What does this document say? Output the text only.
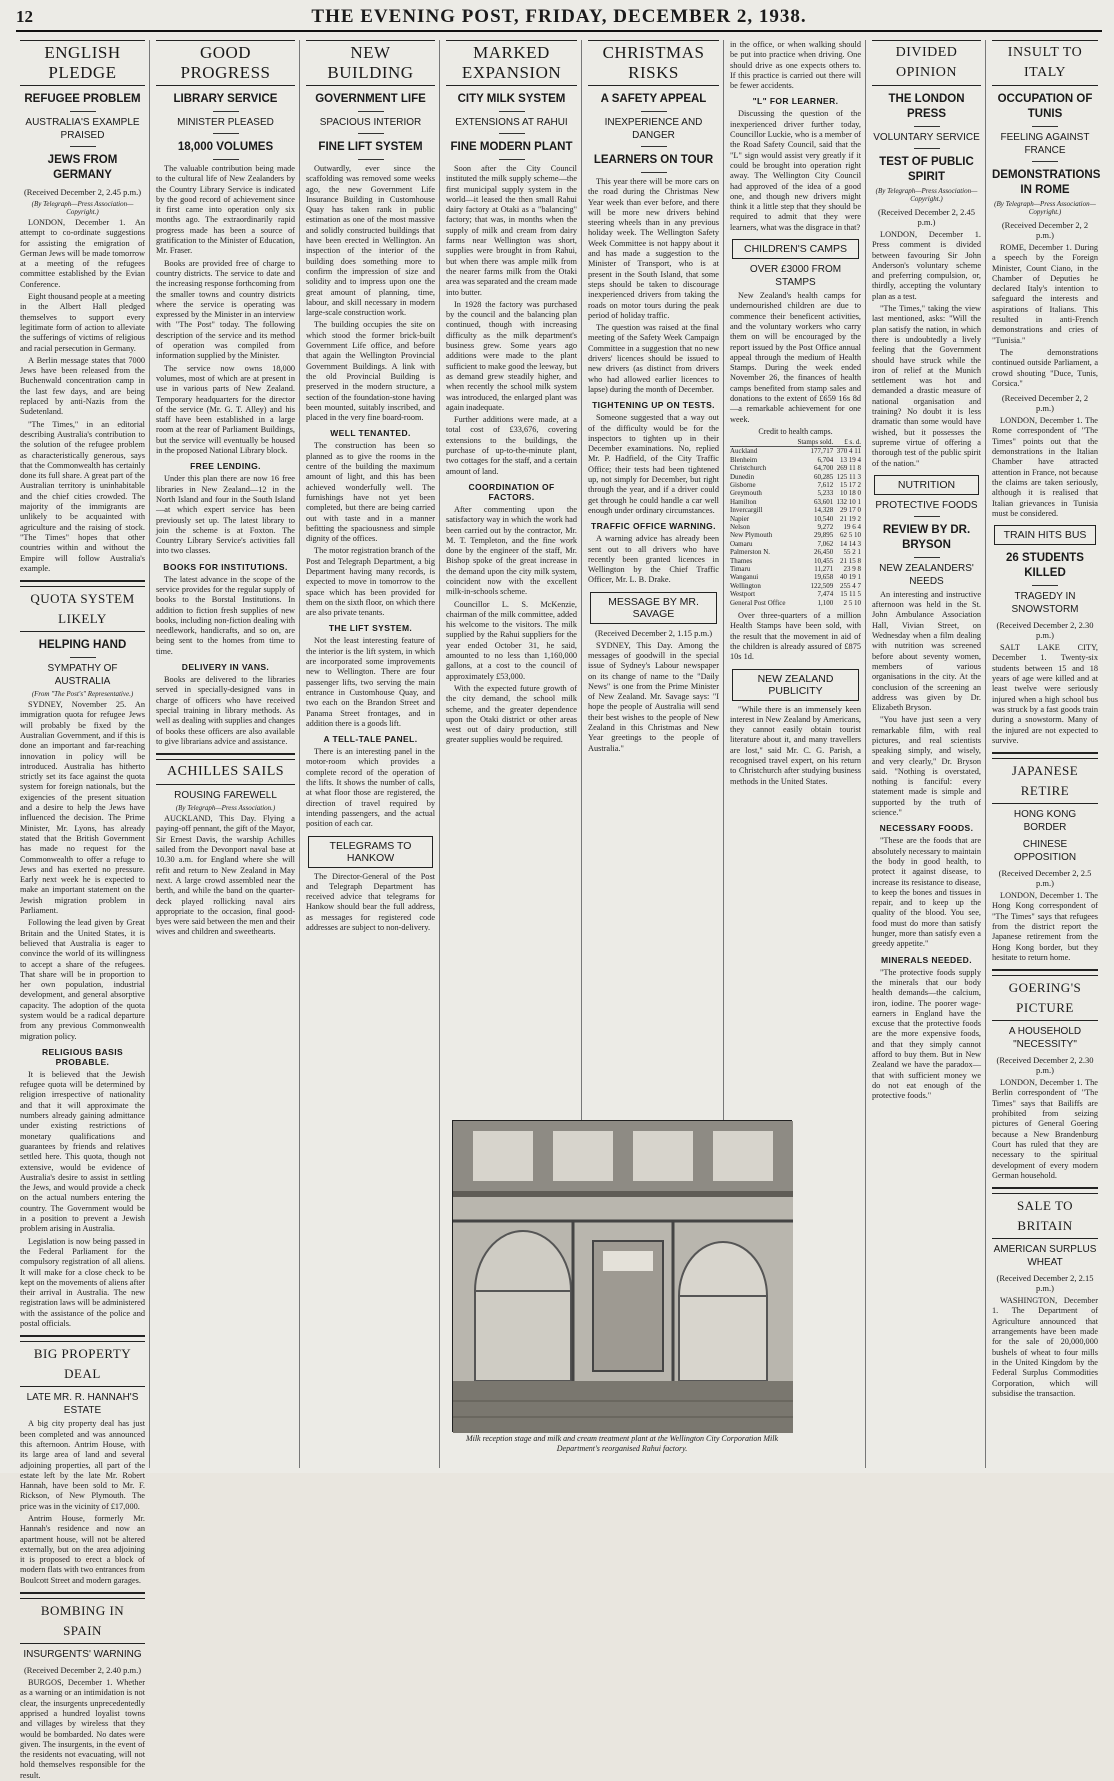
12	THE EVENING POST, FRIDAY, DECEMBER 2, 1938.
ENGLISH PLEDGE
REFUGEE PROBLEM
AUSTRALIA'S EXAMPLE PRAISED
JEWS FROM GERMANY
(Received December 2, 2.45 p.m.)
(By Telegraph—Press Association—Copyright.)

LONDON, December 1. An attempt to co-ordinate suggestions for assisting the emigration of German Jews will be made tomorrow at a meeting of the refugees committee established by the Evian Conference.

Eight thousand people at a meeting in the Albert Hall pledged themselves to support every legitimate form of action to alleviate the sufferings of victims of religious and racial persecution in Germany.

A Berlin message states that 7000 Jews have been released from the Buchenwald concentration camp in the last few days, and are being replaced by anti-Nazis from the Sudetenland.

"The Times," in an editorial describing Australia's contribution to the solution of the refugee problem as characteristically generous, says that the Commonwealth has certainly done its full share. A great part of the Australian territory is uninhabitable and the chief cities crowded. The majority of the immigrants are unlikely to be acquainted with agriculture and the raising of stock. "The Times" hopes that other countries within and without the Empire will follow Australia's example.

QUOTA SYSTEM LIKELY
HELPING HAND
SYMPATHY OF AUSTRALIA
(From "The Post's" Representative.)

SYDNEY, November 25. An immigration quota for refugee Jews will probably be fixed by the Australian Government, and if this is done an important and far-reaching innovation in policy will be introduced. Australia has hitherto strictly set its face against the quota system for foreign nationals, but the exigencies of the present situation and a desire to help the Jews have influenced the decision. The Prime Minister, Mr. Lyons, has already stated that the British Government has made no request for the Commonwealth to offer a refuge to Jews and has exerted no pressure. Early next week he is expected to make an important statement on the Jewish migration problem in Parliament.

Following the lead given by Great Britain and the United States, it is believed that Australia is eager to convince the world of its willingness to accept a share of the refugees. That share will be in proportion to her own population, industrial development, and general absorptive capacity. The adoption of the quota system would be a radical departure from any previous Commonwealth migration policy.

RELIGIOUS BASIS PROBABLE.

It is believed that the Jewish refugee quota will be determined by religion irrespective of nationality and that it will approximate the numbers already gaining admittance under existing restrictions of monetary qualifications and guarantees by friends and relatives settled here. This quota, though not extensive, would be evidence of Australia's desire to assist in settling the Jews, and would provide a check on the actual numbers entering the country. The Government would be in a position to prevent a Jewish problem arising in Australia.

Legislation is now being passed in the Federal Parliament for the compulsory registration of all aliens. It will make for a close check to be kept on the movements of aliens after their arrival in Australia. The new registration laws will be administered with the assistance of the police and postal officials.

BIG PROPERTY DEAL
LATE MR. R. HANNAH'S ESTATE

A big city property deal has just been completed and was announced this afternoon. Antrim House, with its large area of land and several adjoining properties, all part of the estate left by the late Mr. Robert Hannah, have been sold to Mr. F. Rickson, of New Plymouth. The price was in the vicinity of £17,000.

Antrim House, formerly Mr. Hannah's residence and now an apartment house, will not be altered externally, but on the area adjoining it is proposed to erect a block of modern flats with two entrances from Boulcott Street and modern garages.

BOMBING IN SPAIN
INSURGENTS' WARNING
(Received December 2, 2.40 p.m.)

BURGOS, December 1. Whether as a warning or an intimidation is not clear, the insurgents unprecedentedly apprised a hundred loyalist towns and villages by wireless that they would be bombarded. No dates were given. The insurgents, in the event of the residents not evacuating, will not hold themselves responsible for the result.

GOOD PROGRESS
LIBRARY SERVICE
MINISTER PLEASED
18,000 VOLUMES

The valuable contribution being made to the cultural life of New Zealanders by the Country Library Service is indicated by the good record of achievement since it first came into operation only six months ago. The extraordinarily rapid progress made has been a source of gratification to the Minister of Education, Mr. Fraser.

Books are provided free of charge to country districts. The service to date and the increasing response forthcoming from the smaller towns and country districts where the service is operating was expressed by the Minister in an interview with "The Post" today. The following description of the service and its method of operation was compiled from information supplied by the Minister.

The service now owns 18,000 volumes, most of which are at present in use in various parts of New Zealand. Temporary headquarters for the director of the service (Mr. G. T. Alley) and his staff have been established in a large room at the rear of Parliament Buildings, but the service will eventually be housed in the proposed National Library block.

FREE LENDING.

Under this plan there are now 16 free libraries in New Zealand—12 in the North Island and four in the South Island—at which expert service has been previously set up. The latest library to join the scheme is at Foxton. The Country Library Service's activities fall into two classes.

BOOKS FOR INSTITUTIONS.

The latest advance in the scope of the service provides for the regular supply of books to the Borstal Institutions. In addition to fiction fresh supplies of new books, including non-fiction dealing with needlework, handicrafts, and so on, are being sent to the homes from time to time.

DELIVERY IN VANS.

Books are delivered to the libraries served in specially-designed vans in charge of officers who have received special training in library methods. As well as dealing with supplies and changes of books these officers are also available to give librarians advice and assistance.

ACHILLES SAILS
ROUSING FAREWELL
(By Telegraph—Press Association.)

AUCKLAND, This Day. Flying a paying-off pennant, the gift of the Mayor, Sir Ernest Davis, the warship Achilles sailed from the Devonport naval base at 10.30 a.m. for England where she will refit and return to New Zealand in May next. A large crowd assembled near the berth, and while the band on the quarter-deck played rollicking naval airs appropriate to the occasion, final good-byes were said between the men and their wives and children and sweethearts.

NEW BUILDING
GOVERNMENT LIFE
SPACIOUS INTERIOR
FINE LIFT SYSTEM

Outwardly, ever since the scaffolding was removed some weeks ago, the new Government Life Insurance Building in Customhouse Quay has taken rank in public estimation as one of the most massive and solidly constructed buildings that have been erected in Wellington. An inspection of the interior of the building does something more to confirm the impression of size and solidity and to impress upon one the great amount of planning, time, labour, and skill necessary in modern large-scale construction work.

The building occupies the site on which stood the former brick-built Government Life office, and before that again the Wellington Provincial Government Buildings. A link with the old Provincial Building is preserved in the modern structure, a section of the foundation-stone having been mounted, suitably inscribed, and placed in the very fine board-room.

WELL TENANTED.

The construction has been so planned as to give the rooms in the centre of the building the maximum amount of light, and this has been achieved wonderfully well. The furnishings have not yet been completed, but there are being carried out with taste and in a manner befitting the spaciousness and simple dignity of the offices.

The motor registration branch of the Post and Telegraph Department, a big Department having many records, is expected to move in tomorrow to the space which has been provided for them on the sixth floor, on which there are also private tenants.

THE LIFT SYSTEM.

Not the least interesting feature of the interior is the lift system, in which are incorporated some improvements new to Wellington. There are four passenger lifts, two serving the main entrance in Customhouse Quay, and two each on the Brandon Street and Panama Street frontages, and in addition there is a goods lift.

A TELL-TALE PANEL.

There is an interesting panel in the motor-room which provides a complete record of the operation of the lifts. It shows the number of calls, at what floor those are registered, the direction of travel required by intending passengers, and the actual position of each car.

TELEGRAMS TO HANKOW

The Director-General of the Post and Telegraph Department has received advice that telegrams for Hankow should bear the full address, as messages for registered code addresses are subject to non-delivery.

MARKED EXPANSION
CITY MILK SYSTEM
EXTENSIONS AT RAHUI
FINE MODERN PLANT

Soon after the City Council instituted the milk supply scheme—the first municipal supply system in the world—it leased the then small Rahui dairy factory at Otaki as a "balancing" factory; that was, in months when the supply of milk and cream from dairy farms near Wellington was short, supplies were brought in from Rahui, but when there was ample milk from the nearer farms milk from the Otaki area was separated and the cream made into butter.

In 1928 the factory was purchased by the council and the balancing plan continued, though with increasing difficulty as the milk department's business grew. Some years ago additions were made to the plant sufficient to make good the leeway, but as demand grew steadily higher, and when recently the school milk system was introduced, the enlarged plant was again inadequate.

Further additions were made, at a total cost of £33,676, covering extensions to the buildings, the purchase of up-to-the-minute plant, two cottages for the staff, and a certain amount of land.

COORDINATION OF FACTORS.

After commenting upon the satisfactory way in which the work had been carried out by the contractor, Mr. M. T. Templeton, and the fine work done by the engineer of the staff, Mr. Bishop spoke of the great increase in the demand upon the city milk system, coincident now with the excellent milk-in-schools scheme.

Councillor L. S. McKenzie, chairman of the milk committee, added his welcome to the visitors. The milk supplied by the Rahui suppliers for the year ended October 31, he said, amounted to no less than 1,160,000 gallons, at a cost to the council of approximately £53,000.

With the expected future growth of the city demand, the school milk scheme, and the greater dependence upon the Otaki district or other areas west out of dairy production, still greater supplies would be required.

CHRISTMAS RISKS
A SAFETY APPEAL
INEXPERIENCE AND DANGER
LEARNERS ON TOUR

This year there will be more cars on the road during the Christmas New Year week than ever before, and there will be more new drivers behind steering wheels than in any previous holiday week. The Wellington Safety Week Committee is not happy about it and has made a suggestion to the Minister of Transport, who is at present in the South Island, that some steps should be taken to discourage inexperienced drivers from taking the roads on motor tours during the peak period of holiday traffic.

The question was raised at the final meeting of the Safety Week Campaign Committee in a suggestion that no new drivers' licences should be issued to new drivers (as distinct from drivers who had allowed earlier licences to lapse) during the month of December.

TIGHTENING UP ON TESTS.

Someone suggested that a way out of the difficulty would be for the inspectors to tighten up in their December examinations. No, replied Mr. P. Hadfield, of the City Traffic Office; their tests had been tightened up, not simply for December, but right through the year, and if a driver could get through he could handle a car well enough under ordinary circumstances.

TRAFFIC OFFICE WARNING.

A warning advice has already been sent out to all drivers who have recently been granted licences in Wellington by the Chief Traffic Officer, Mr. L. B. Drake.

MESSAGE BY MR. SAVAGE
(Received December 2, 1.15 p.m.)

SYDNEY, This Day. Among the messages of goodwill in the special issue of Sydney's Labour newspaper on its change of name to the "Daily News" is one from the Prime Minister of New Zealand. Mr. Savage says: "I hope the people of Australia will send their best wishes to the people of New Zealand in this Christmas and New Year greetings to the people of Australia."

in the office, or when walking should be put into practice when driving. One should drive as one expects others to. If this practice is carried out there will be fewer accidents.

"L" FOR LEARNER.

Discussing the question of the inexperienced driver further today, Councillor Luckie, who is a member of the Road Safety Council, said that the "L" sign would assist very greatly if it could be brought into operation right away. The Wellington City Council had approved of the idea of a good one, and though new drivers might think it a little step that they should be required to admit that they were learners, what was the disgrace in that?

CHILDREN'S CAMPS
OVER £3000 FROM STAMPS

New Zealand's health camps for undernourished children are due to commence their beneficent activities, and the voluntary workers who carry them on will be encouraged by the report issued by the Post Office annual appeal through the medium of Health Stamps. During the week ended November 26, the finances of health camps benefited from stamp sales and donations to the extent of £659 16s 8d—a remarkable achievement for one week.

Credit to health camps.
	Stamps sold.	£ s. d.
Auckland	177,717	370 4 11
Blenheim	6,704	13 19 4
Christchurch	64,700	269 11 8
Dunedin	60,285	125 11 3
Gisborne	7,612	15 17 2
Greymouth	5,233	10 18 0
Hamilton	63,601	132 10 1
Invercargill	14,328	29 17 0
Napier	10,540	21 19 2
Nelson	9,272	19 6 4
New Plymouth	29,895	62 5 10
Oamaru	7,062	14 14 3
Palmerston N.	26,450	55 2 1
Thames	10,455	21 15 8
Timaru	11,271	23 9 8
Wanganui	19,658	40 19 1
Wellington	122,509	255 4 7
Westport	7,474	15 11 5
General Post Office	1,100	2 5 10

Over three-quarters of a million Health Stamps have been sold, with the result that the movement in aid of the children is already assured of £875 10s 1d.

NEW ZEALAND PUBLICITY

"While there is an immensely keen interest in New Zealand by Americans, they cannot easily obtain tourist literature about it, and many travellers are lost," said Mr. C. G. Parish, a recognised travel expert, on his return to Christchurch after studying business methods in the United States.

DIVIDED OPINION
THE LONDON PRESS
VOLUNTARY SERVICE
TEST OF PUBLIC SPIRIT
(By Telegraph—Press Association—Copyright.)
(Received December 2, 2.45 p.m.)

LONDON, December 1. Press comment is divided between favouring Sir John Anderson's voluntary scheme and preferring compulsion, or, thirdly, accepting the voluntary plan as a test.

"The Times," taking the view last mentioned, asks: "Will the plan satisfy the nation, in which there is undoubtedly a lively feeling that the Government should have struck while the iron of relief at the Munich settlement was hot and demanded a drastic measure of national organisation and training? No doubt it is less dramatic than some would have wished, but it possesses the supreme virtue of offering a thorough test of the public spirit of the nation."

NUTRITION
PROTECTIVE FOODS
REVIEW BY DR. BRYSON
NEW ZEALANDERS' NEEDS

An interesting and instructive afternoon was held in the St. John Ambulance Association Hall, Vivian Street, on Wednesday when a film dealing with nutrition was screened before about seventy women, members of various organisations in the city. At the conclusion of the screening an address was given by Dr. Elizabeth Bryson.

"You have just seen a very remarkable film, with real pictures, and real scientists speaking simply, and wisely, and very clearly," Dr. Bryson said. "Nothing is overstated, nothing is fanciful: every statement made is simple and supported by the truth of science."

NECESSARY FOODS.

"These are the foods that are absolutely necessary to maintain the body in good health, to protect it against disease, to increase its resistance to disease, to keep the bones and tissues in repair, and to keep up the quality of the blood. You see, food must do more than satisfy hunger, more than satisfy even a greedy appetite."

MINERALS NEEDED.

"The protective foods supply the minerals that our body health demands—the calcium, iron, iodine. The poorer wage-earners in England have the excuse that the protective foods are the more expensive foods, and that they simply cannot afford to buy them. But in New Zealand we have the paradox—that with sufficient money we do not eat enough of the protective foods."

INSULT TO ITALY
OCCUPATION OF TUNIS
FEELING AGAINST FRANCE
DEMONSTRATIONS IN ROME
(By Telegraph—Press Association—Copyright.)
(Received December 2, 2 p.m.)

ROME, December 1. During a speech by the Foreign Minister, Count Ciano, in the Chamber of Deputies he declared Italy's intention to safeguard the interests and aspirations of Italians. This resulted in anti-French demonstrations and cries of "Tunisia."

The demonstrations continued outside Parliament, a crowd shouting "Duce, Tunis, Corsica."

(Received December 2, 2 p.m.)

LONDON, December 1. The Rome correspondent of "The Times" points out that the demonstrations in the Italian Chamber have attracted attention in France, not because the claims are taken seriously, although it is realised that Italian grievances in Tunisia must be considered.

TRAIN HITS BUS
26 STUDENTS KILLED
TRAGEDY IN SNOWSTORM
(Received December 2, 2.30 p.m.)

SALT LAKE CITY, December 1. Twenty-six students between 15 and 18 years of age were killed and at least twelve were seriously injured when a high school bus was struck by a fast goods train during a snowstorm. Many of the injured are not expected to survive.

JAPANESE RETIRE
HONG KONG BORDER
CHINESE OPPOSITION
(Received December 2, 2.5 p.m.)

LONDON, December 1. The Hong Kong correspondent of "The Times" says that refugees from the district report the Japanese retirement from the Hong Kong border, but they hesitate to return home.

GOERING'S PICTURE
A HOUSEHOLD "NECESSITY"
(Received December 2, 2.30 p.m.)

LONDON, December 1. The Berlin correspondent of "The Times" says that Bailiffs are prohibited from seizing pictures of General Goering because a New Brandenburg Court has ruled that they are necessary to the spiritual development of every modern German household.

SALE TO BRITAIN
AMERICAN SURPLUS WHEAT
(Received December 2, 2.15 p.m.)

WASHINGTON, December 1. The Department of Agriculture announced that arrangements have been made for the sale of 20,000,000 bushels of wheat to four mills in the United Kingdom by the Federal Surplus Commodities Corporation, which will subsidise the transaction.

Milk reception stage and milk and cream treatment plant at the Wellington City Corporation Milk Department's reorganised Rahui factory.
